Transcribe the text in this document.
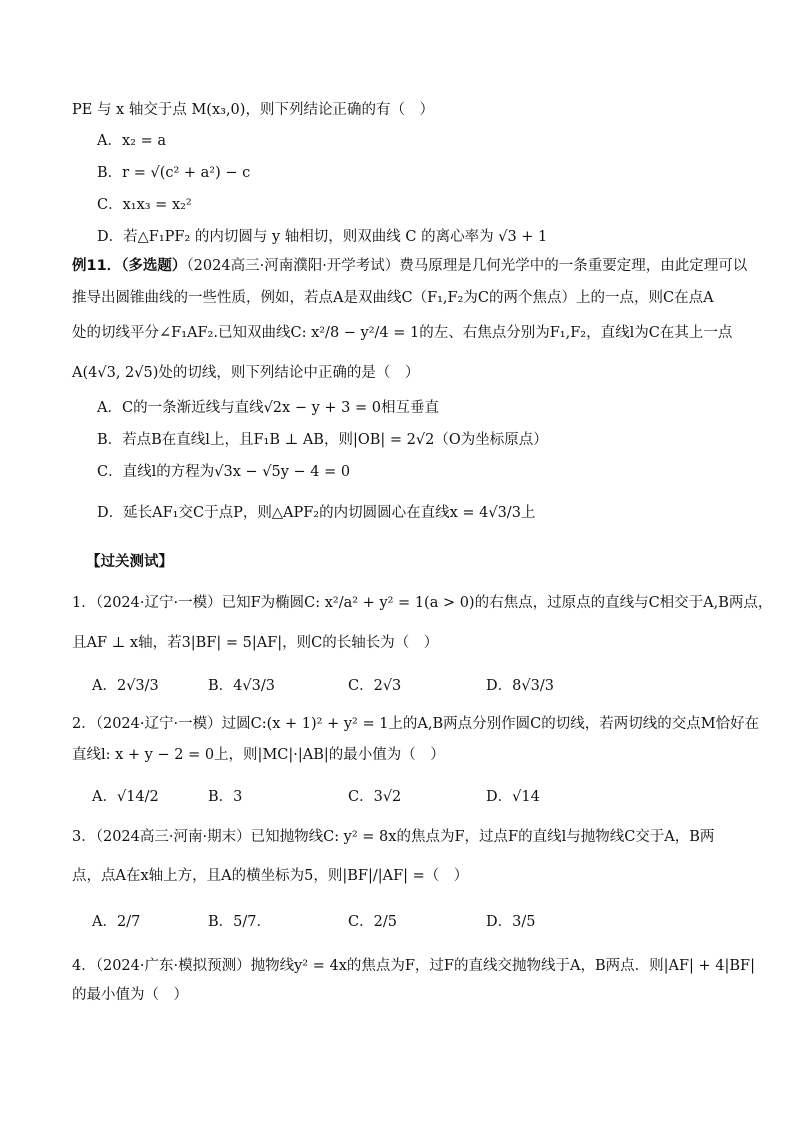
PE 与 x 轴交于点 M(x₃,0)，则下列结论正确的有（　）
A．x₂ = a
B．r = √(c² + a²) − c
C．x₁x₃ = x₂²
D．若△F₁PF₂ 的内切圆与 y 轴相切，则双曲线 C 的离心率为 √3 + 1
例11．（多选题）（2024高三·河南濮阳·开学考试）费马原理是几何光学中的一条重要定理，由此定理可以
推导出圆锥曲线的一些性质，例如，若点A是双曲线C（F₁,F₂为C的两个焦点）上的一点，则C在点A
处的切线平分∠F₁AF₂.已知双曲线C: x²/8 − y²/4 = 1的左、右焦点分别为F₁,F₂，直线l为C在其上一点
A(4√3, 2√5)处的切线，则下列结论中正确的是（　）
A．C的一条渐近线与直线√2x − y + 3 = 0相互垂直
B．若点B在直线l上，且F₁B ⊥ AB，则|OB| = 2√2（O为坐标原点）
C．直线l的方程为√3x − √5y − 4 = 0
D．延长AF₁交C于点P，则△APF₂的内切圆圆心在直线x = 4√3/3上
【过关测试】
1．（2024·辽宁·一模）已知F为椭圆C: x²/a² + y² = 1(a > 0)的右焦点，过原点的直线与C相交于A,B两点，
且AF ⊥ x轴，若3|BF| = 5|AF|，则C的长轴长为（　）
A．2√3/3	B．4√3/3	C．2√3	D．8√3/3
2．（2024·辽宁·一模）过圆C:(x + 1)² + y² = 1上的A,B两点分别作圆C的切线，若两切线的交点M恰好在
直线l: x + y − 2 = 0上，则|MC|·|AB|的最小值为（　）
A．√14/2	B．3	C．3√2	D．√14
3．（2024高三·河南·期末）已知抛物线C: y² = 8x的焦点为F，过点F的直线l与抛物线C交于A，B两
点，点A在x轴上方，且A的横坐标为5，则|BF|/|AF| =（　）
A．2/7	B．5/7．	C．2/5	D．3/5
4．（2024·广东·模拟预测）抛物线y² = 4x的焦点为F，过F的直线交抛物线于A，B两点．则|AF| + 4|BF|
的最小值为（　）
